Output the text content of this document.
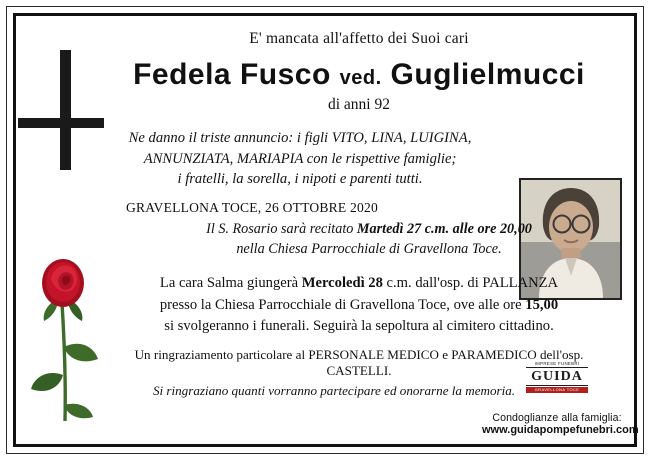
E' mancata all'affetto dei Suoi cari
Fedela Fusco ved. Guglielmucci
di anni 92
Ne danno il triste annuncio: i figli VITO, LINA, LUIGINA,
ANNUNZIATA, MARIAPIA con le rispettive famiglie;
i fratelli, la sorella, i nipoti e parenti tutti.
GRAVELLONA TOCE, 26 OTTOBRE 2020
Il S. Rosario sarà recitato Martedì 27 c.m. alle ore 20,00
nella Chiesa Parrocchiale di Gravellona Toce.
La cara Salma giungerà Mercoledì 28 c.m. dall'osp. di PALLANZA
presso la Chiesa Parrocchiale di Gravellona Toce, ove alle ore 15,00
si svolgeranno i funerali. Seguirà la sepoltura al cimitero cittadino.
Un ringraziamento particolare al PERSONALE MEDICO e PARAMEDICO dell'osp. CASTELLI.
Si ringraziano quanti vorranno partecipare ed onorarne la memoria.
IMPRESE FUNEBRI
GUIDA
GRAVELLONA TOCE
Condoglianze alla famiglia:
www.guidapompefunebri.com
